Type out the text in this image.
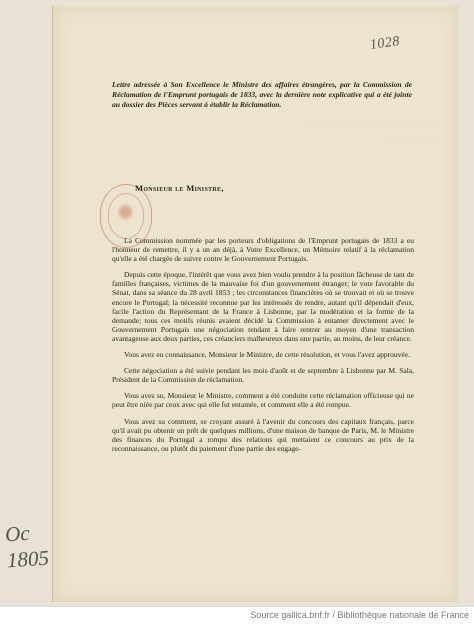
··· ·· ····· ··· ·· ····· ·· ··· ····· ·· ··· ·· ····· ··· ·· ····· ·· ··· ····· ··· ·· ····· ··· ·· ····· ·· ···
1028
Oc
1805
Lettre adressée à Son Excellence le Ministre des affaires étrangères, par la Commission de Réclamation de l'Emprunt portugais de 1833, avec la dernière note explicative qui a été jointe au dossier des Pièces servant à établir la Réclamation.
Monsieur le Ministre,

La Commission nommée par les porteurs d'obligations de l'Emprunt portugais de 1833 a eu l'honneur de remettre, il y a un an déjà, à Votre Excellence, un Mémoire relatif à la réclamation qu'elle a été chargée de suivre contre le Gouvernement Portugais.

Depuis cette époque, l'intérêt que vous avez bien voulu prendre à la position fâcheuse de tant de familles françaises, victimes de la mauvaise foi d'un gouvernement étranger; le vote favorable du Sénat, dans sa séance du 28 avril 1853 ; les circonstances financières où se trouvait et où se trouve encore le Portugal; la nécessité reconnue par les intéressés de rendre, autant qu'il dépendait d'eux, facile l'action du Représentant de la France à Lisbonne, par la modération et la forme de la demande; tous ces motifs réunis avaient décidé la Commission à entamer directement avec le Gouvernement Portugais une négociation tendant à faire rentrer au moyen d'une transaction avantageuse aux deux parties, ces créanciers malheureux dans une partie, au moins, de leur créance.

Vous avez eu connaissance, Monsieur le Ministre, de cette résolution, et vous l'avez approuvée.

Cette négociation a été suivie pendant les mois d'août et de septembre à Lisbonne par M. Sala, Président de la Commission de réclamation.

Vous avez su, Monsieur le Ministre, comment a été conduite cette réclamation officieuse qui ne peut être niée par ceux avec qui elle fut entamée, et comment elle a été rompue.

Vous avez su comment, se croyant assuré à l'avenir du concours des capitaux français, parce qu'il avait pu obtenir un prêt de quelques millions, d'une maison de banque de Paris, M. le Ministre des finances du Portugal a rompu des relations qui mettaient ce concours au prix de la reconnaissance, ou plutôt du paiement d'une partie des engage-

Source gallica.bnf.fr / Bibliothèque nationale de France
